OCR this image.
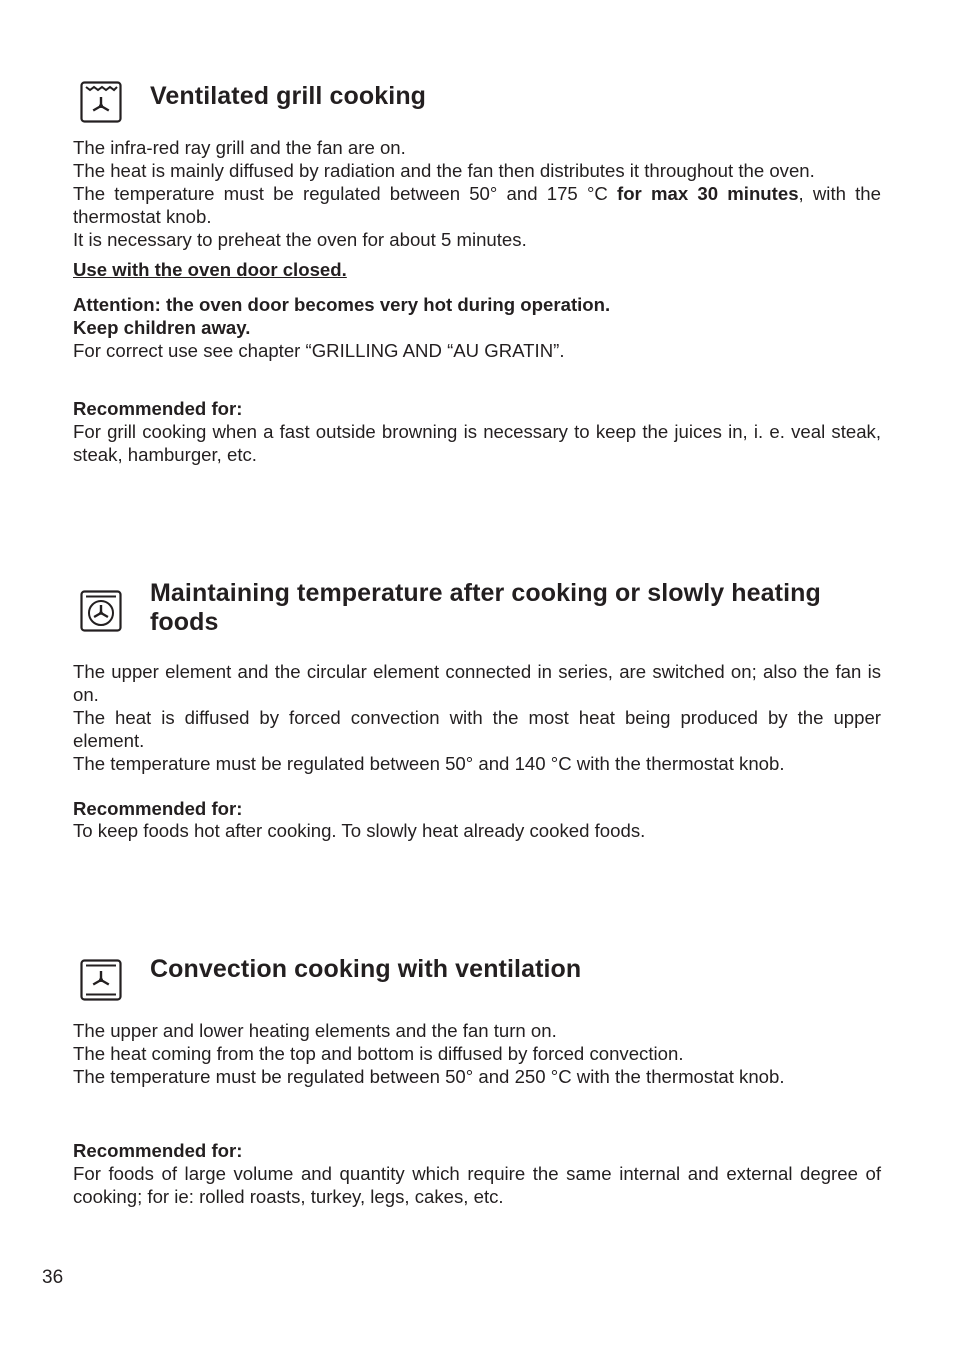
Ventilated grill cooking

The infra-red ray grill and the fan are on.
The heat is mainly diffused by radiation and the fan then distributes it throughout the oven.
The temperature must be regulated between 50° and 175 °C for max 30 minutes, with the thermostat knob.
It is necessary to preheat the oven for about 5 minutes.

Use with the oven door closed.

Attention: the oven door becomes very hot during operation.
Keep children away.

For correct use see chapter “GRILLING AND “AU GRATIN”.

Recommended for:

For grill cooking when a fast outside browning is necessary to keep the juices in, i. e. veal steak, steak, hamburger, etc.

Maintaining temperature after cooking or slowly heating foods

The upper element and the circular element connected in series, are switched on; also the fan is on.
The heat is diffused by forced convection with the most heat being produced by the upper element.
The temperature must be regulated between 50° and 140 °C with the thermostat knob.

Recommended for:

To keep foods hot after cooking. To slowly heat already cooked foods.

Convection cooking with ventilation

The upper and lower heating elements and the fan turn on.
The heat coming from the top and bottom is diffused by forced convection.
The temperature must be regulated between 50° and 250 °C with the thermostat knob.

Recommended for:

For foods of large volume and quantity which require the same internal and external degree of cooking; for ie: rolled roasts, turkey, legs, cakes, etc.

36
